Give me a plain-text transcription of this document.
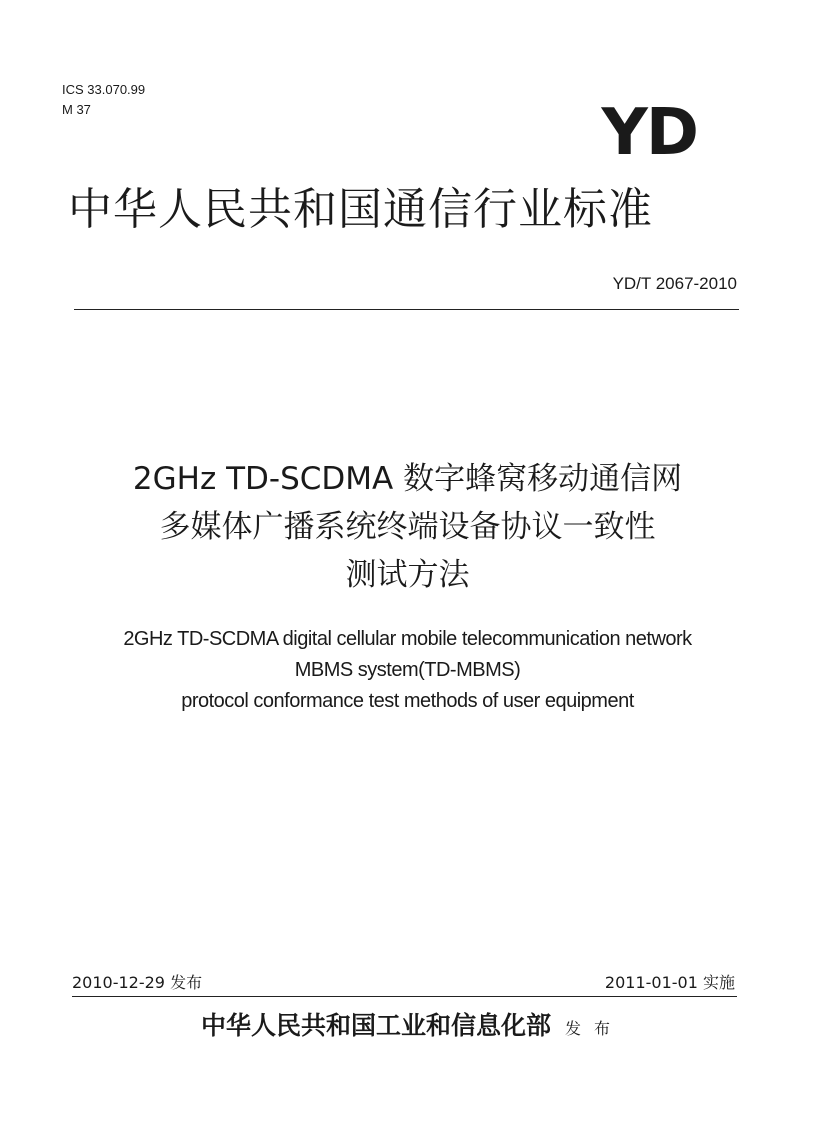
ICS 33.070.99
M 37	YD
中华人民共和国通信行业标准
YD/T 2067-2010
2GHz TD-SCDMA 数字蜂窝移动通信网
多媒体广播系统终端设备协议一致性
测试方法
2GHz TD-SCDMA digital cellular mobile telecommunication network
MBMS system(TD-MBMS)
protocol conformance test methods of user equipment
2010-12-29 发布	2011-01-01 实施
中华人民共和国工业和信息化部 发 布
